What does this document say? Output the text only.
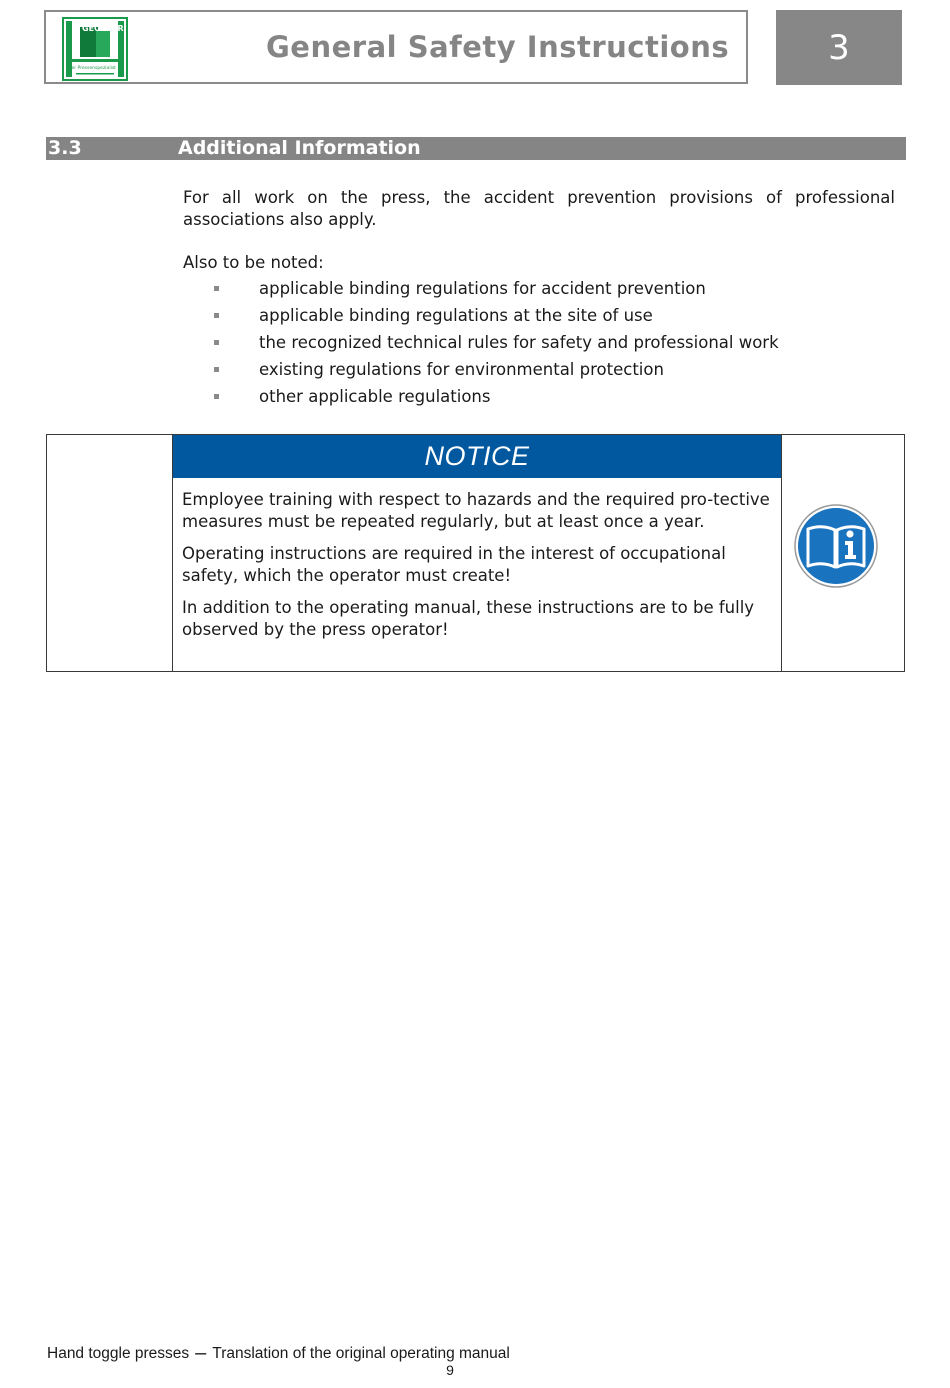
GECHTER
Der Pressenspezialist
General Safety Instructions	3
3.3	Additional Information

For all work on the press, the accident prevention provisions of professional associations also apply.

Also to be noted:

applicable binding regulations for accident prevention
applicable binding regulations at the site of use
the recognized technical rules for safety and professional work
existing regulations for environmental protection
other applicable regulations
NOTICE

Employee training with respect to hazards and the required pro-tective measures must be repeated regularly, but at least once a year.

Operating instructions are required in the interest of occupational safety, which the operator must create!

In addition to the operating manual, these instructions are to be fully observed by the press operator!

Hand toggle presses – Translation of the original operating manual
9
